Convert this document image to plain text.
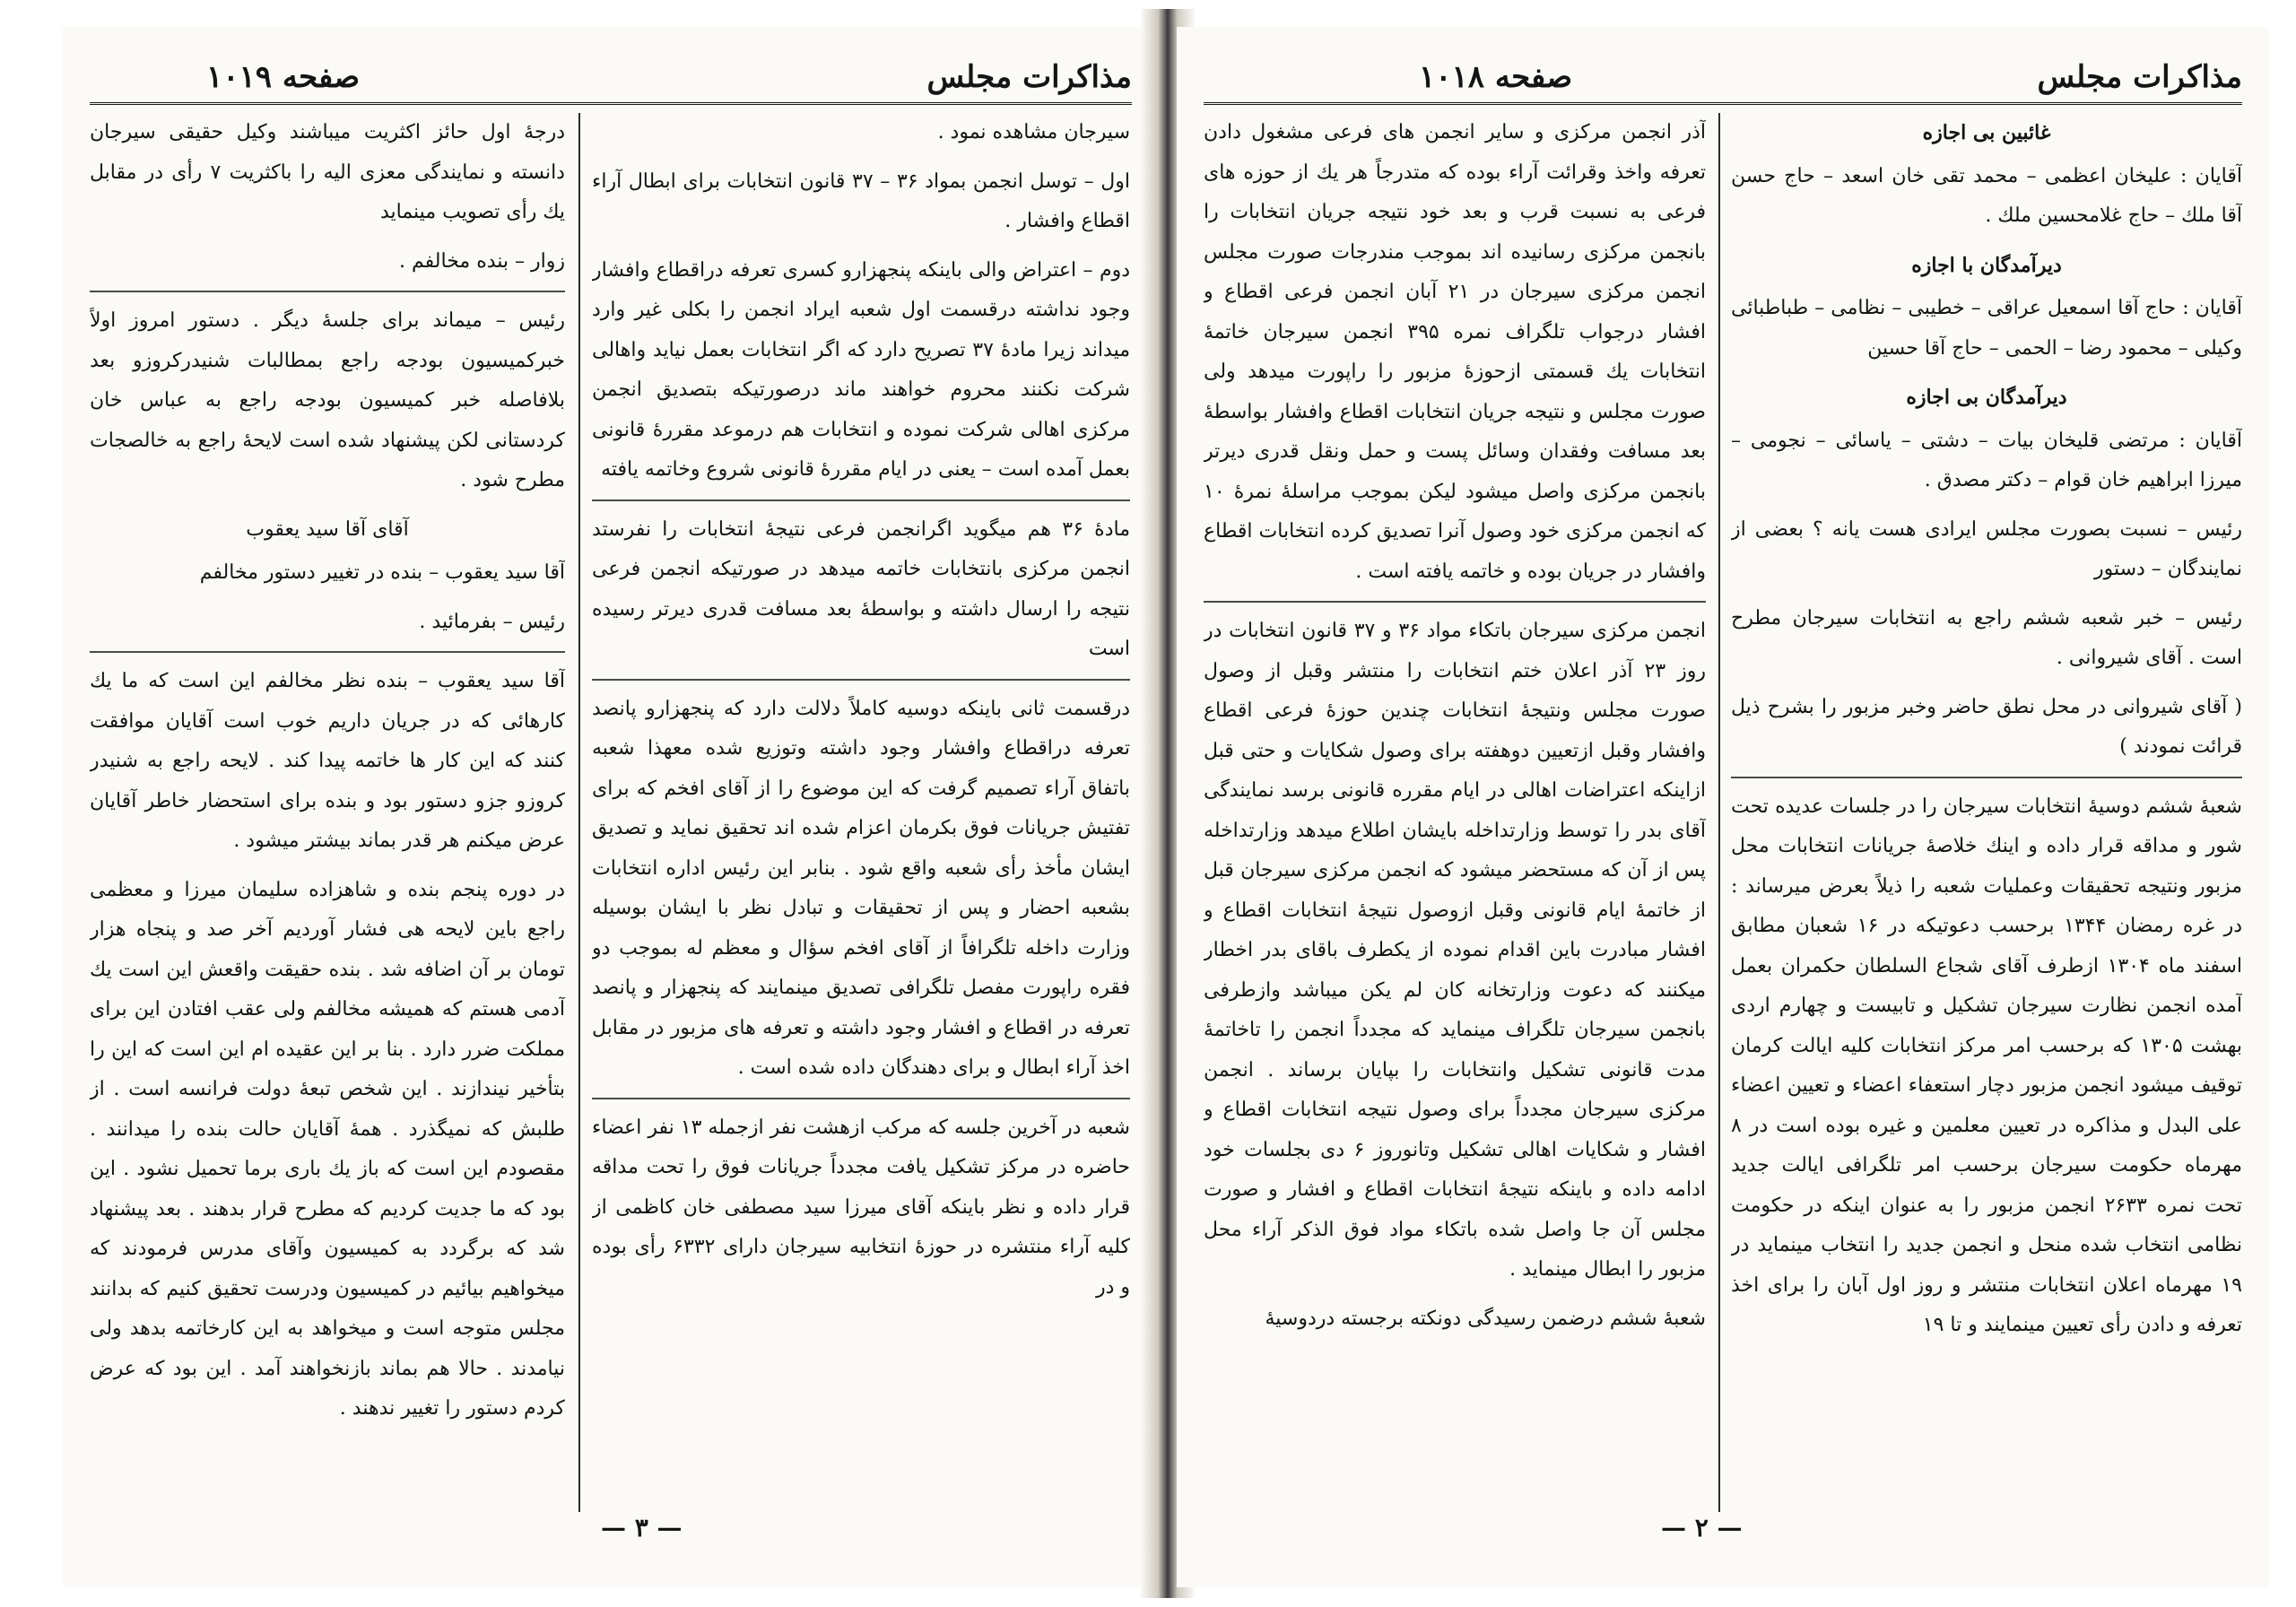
مذاکرات مجلس
صفحه ۱۰۱۹

سیرجان مشاهده نمود .

اول – توسل انجمن بمواد ۳۶ – ۳۷ قانون انتخابات برای ابطال آراء اقطاع وافشار .

دوم – اعتراض والی باینکه پنجهزارو کسری تعرفه دراقطاع وافشار وجود نداشته درقسمت اول شعبه ایراد انجمن را بکلی غیر وارد میداند زیرا مادهٔ ۳۷ تصریح دارد که اگر انتخابات بعمل نیاید واهالی شرکت نکنند محروم خواهند ماند درصورتیکه بتصدیق انجمن مرکزی اهالی شرکت نموده و انتخابات هم درموعد مقررهٔ قانونی بعمل آمده است – یعنی در ایام مقررهٔ قانونی شروع وخاتمه یافته

مادهٔ ۳۶ هم میگوید اگرانجمن فرعی نتیجهٔ انتخابات را نفرستد انجمن مرکزی بانتخابات خاتمه میدهد در صورتیکه انجمن فرعی نتیجه را ارسال داشته و بواسطهٔ بعد مسافت قدری دیرتر رسیده است

درقسمت ثانی باینکه دوسیه کاملاً دلالت دارد که پنجهزارو پانصد تعرفه دراقطاع وافشار وجود داشته وتوزیع شده معهذا شعبه باتفاق آراء تصمیم گرفت که این موضوع را از آقای افخم که برای تفتیش جریانات فوق بکرمان اعزام شده اند تحقیق نماید و تصدیق ایشان مأخذ رأی شعبه واقع شود . بنابر این رئیس اداره انتخابات بشعبه احضار و پس از تحقیقات و تبادل نظر با ایشان بوسیله وزارت داخله تلگرافاً از آقای افخم سؤال و معظم له بموجب دو فقره راپورت مفصل تلگرافی تصدیق مینمایند که پنجهزار و پانصد تعرفه در اقطاع و افشار وجود داشته و تعرفه های مزبور در مقابل اخذ آراء ابطال و برای دهندگان داده شده است .

شعبه در آخرین جلسه که مرکب ازهشت نفر ازجمله ۱۳ نفر اعضاء حاضره در مرکز تشکیل یافت مجدداً جریانات فوق را تحت مداقه قرار داده و نظر باینکه آقای میرزا سید مصطفی خان کاظمی از کلیه آراء منتشره در حوزهٔ انتخابیه سیرجان دارای ۶۳۳۲ رأی بوده و در

درجهٔ اول حائز اکثریت میباشند وکیل حقیقی سیرجان دانسته و نمایندگی معزی الیه را باکثریت ۷ رأی در مقابل یك رأی تصویب مینماید

زوار – بنده مخالفم .

رئیس – میماند برای جلسهٔ دیگر . دستور امروز اولاً خبرکمیسیون بودجه راجع بمطالبات شنیدرکروزو بعد بلافاصله خبر کمیسیون بودجه راجع به عباس خان کردستانی لکن پیشنهاد شده است لایحهٔ راجع به خالصجات مطرح شود .

آقای آقا سید یعقوب

آقا سید یعقوب – بنده در تغییر دستور مخالفم

رئیس – بفرمائید .

آقا سید یعقوب – بنده نظر مخالفم این است که ما یك کارهائی که در جریان داریم خوب است آقایان موافقت کنند که این کار ها خاتمه پیدا کند . لایحه راجع به شنیدر کروزو جزو دستور بود و بنده برای استحضار خاطر آقایان عرض میکنم هر قدر بماند بیشتر میشود .

در دوره پنجم بنده و شاهزاده سلیمان میرزا و معظمی راجع باین لایحه هی فشار آوردیم آخر صد و پنجاه هزار تومان بر آن اضافه شد . بنده حقیقت واقعش این است یك آدمی هستم که همیشه مخالفم ولی عقب افتادن این برای مملکت ضرر دارد . بنا بر این عقیده ام این است که این را بتأخیر نیندازند . این شخص تبعهٔ دولت فرانسه است . از طلبش که نمیگذرد . همهٔ آقایان حالت بنده را میدانند . مقصودم این است که باز یك باری برما تحمیل نشود . این بود که ما جدیت کردیم که مطرح قرار بدهند . بعد پیشنهاد شد که برگردد به کمیسیون وآقای مدرس فرمودند که میخواهیم بیائیم در کمیسیون ودرست تحقیق کنیم که بدانند مجلس متوجه است و میخواهد به این کارخاتمه بدهد ولی نیامدند . حالا هم بماند بازنخواهند آمد . این بود که عرض کردم دستور را تغییر ندهند .

— ۳ —
مذاکرات مجلس
صفحه ۱۰۱۸

غائبین بی اجازه

آقایان : علیخان اعظمی – محمد تقی خان اسعد – حاج حسن آقا ملك – حاج غلامحسین ملك .

دیرآمدگان با اجازه

آقایان : حاج آقا اسمعیل عراقی – خطیبی – نظامی – طباطبائی وکیلی – محمود رضا – الحمی – حاج آقا حسین

دیرآمدگان بی اجازه

آقایان : مرتضی قلیخان بیات – دشتی – یاسائی – نجومی – میرزا ابراهیم خان قوام – دکتر مصدق .

رئیس – نسبت بصورت مجلس ایرادی هست یانه ؟ بعضی از نمایندگان – دستور

رئیس – خبر شعبه ششم راجع به انتخابات سیرجان مطرح است . آقای شیروانی .

( آقای شیروانی در محل نطق حاضر وخبر مزبور را بشرح ذیل قرائت نمودند )

شعبهٔ ششم دوسیهٔ انتخابات سیرجان را در جلسات عدیده تحت شور و مداقه قرار داده و اینك خلاصهٔ جریانات انتخابات محل مزبور ونتیجه تحقیقات وعملیات شعبه را ذیلاً بعرض میرساند : در غره رمضان ۱۳۴۴ برحسب دعوتیکه در ۱۶ شعبان مطابق اسفند ماه ۱۳۰۴ ازطرف آقای شجاع السلطان حکمران بعمل آمده انجمن نظارت سیرجان تشکیل و تابیست و چهارم اردی بهشت ۱۳۰۵ که برحسب امر مرکز انتخابات کلیه ایالت کرمان توقیف میشود انجمن مزبور دچار استعفاء اعضاء و تعیین اعضاء علی البدل و مذاکره در تعیین معلمین و غیره بوده است در ۸ مهرماه حکومت سیرجان برحسب امر تلگرافی ایالت جدید تحت نمره ۲۶۳۳ انجمن مزبور را به عنوان اینکه در حکومت نظامی انتخاب شده منحل و انجمن جدید را انتخاب مینماید در ۱۹ مهرماه اعلان انتخابات منتشر و روز اول آبان را برای اخذ تعرفه و دادن رأی تعیین مینمایند و تا ۱۹

آذر انجمن مرکزی و سایر انجمن های فرعی مشغول دادن تعرفه واخذ وقرائت آراء بوده که متدرجاً هر یك از حوزه های فرعی به نسبت قرب و بعد خود نتیجه جریان انتخابات را بانجمن مرکزی رسانیده اند بموجب مندرجات صورت مجلس انجمن مرکزی سیرجان در ۲۱ آبان انجمن فرعی اقطاع و افشار درجواب تلگراف نمره ۳۹۵ انجمن سیرجان خاتمهٔ انتخابات یك قسمتی ازحوزهٔ مزبور را راپورت میدهد ولی صورت مجلس و نتیجه جریان انتخابات اقطاع وافشار بواسطهٔ بعد مسافت وفقدان وسائل پست و حمل ونقل قدری دیرتر بانجمن مرکزی واصل میشود لیکن بموجب مراسلهٔ نمرهٔ ۱۰ که انجمن مرکزی خود وصول آنرا تصدیق کرده انتخابات اقطاع وافشار در جریان بوده و خاتمه یافته است .

انجمن مرکزی سیرجان باتکاء مواد ۳۶ و ۳۷ قانون انتخابات در روز ۲۳ آذر اعلان ختم انتخابات را منتشر وقبل از وصول صورت مجلس ونتیجهٔ انتخابات چندین حوزهٔ فرعی اقطاع وافشار وقبل ازتعیین دوهفته برای وصول شکایات و حتی قبل ازاینکه اعتراضات اهالی در ایام مقرره قانونی برسد نمایندگی آقای بدر را توسط وزارتداخله بایشان اطلاع میدهد وزارتداخله پس از آن که مستحضر میشود که انجمن مرکزی سیرجان قبل از خاتمهٔ ایام قانونی وقبل ازوصول نتیجهٔ انتخابات اقطاع و افشار مبادرت باین اقدام نموده از یکطرف باقای بدر اخطار میکنند که دعوت وزارتخانه کان لم یکن میباشد وازطرفی بانجمن سیرجان تلگراف مینماید که مجدداً انجمن را تاخاتمهٔ مدت قانونی تشکیل وانتخابات را بپایان برساند . انجمن مرکزی سیرجان مجدداً برای وصول نتیجه انتخابات اقطاع و افشار و شکایات اهالی تشکیل وتانوروز ۶ دی بجلسات خود ادامه داده و باینکه نتیجهٔ انتخابات اقطاع و افشار و صورت مجلس آن جا واصل شده باتکاء مواد فوق الذکر آراء محل مزبور را ابطال مینماید .

شعبهٔ ششم درضمن رسیدگی دونکته برجسته دردوسیهٔ

— ۲ —
